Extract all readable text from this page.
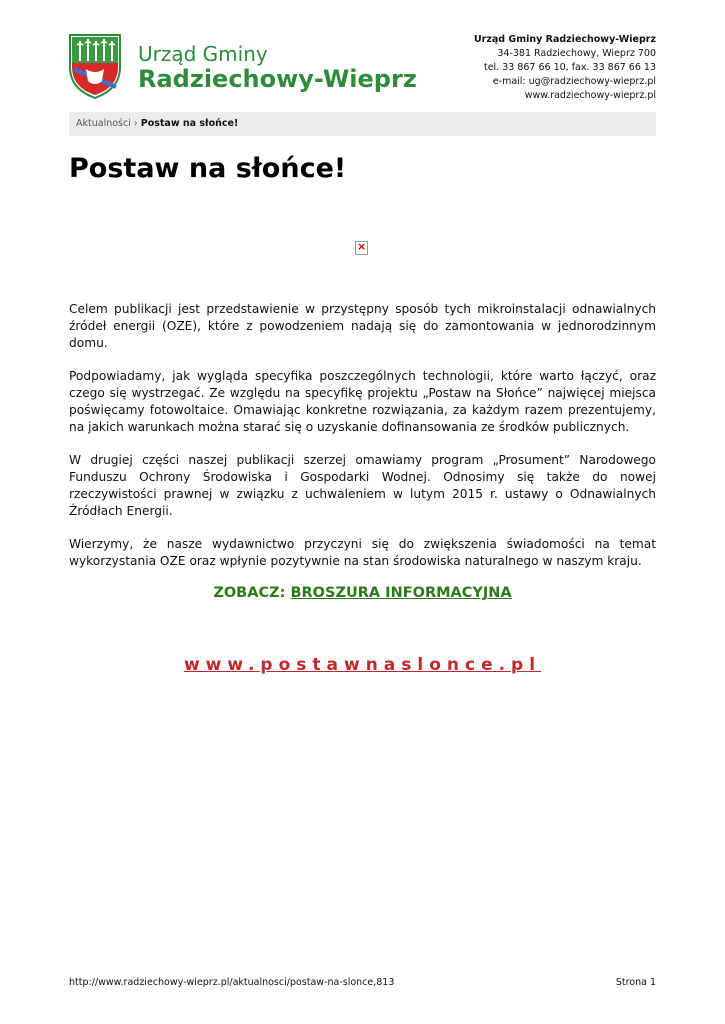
Urząd Gminy
Radziechowy-Wieprz
Urząd Gminy Radziechowy-Wieprz
34-381 Radziechowy, Wieprz 700
tel. 33 867 66 10, fax. 33 867 66 13
e-mail: ug@radziechowy-wieprz.pl
www.radziechowy-wieprz.pl
Aktualności › Postaw na słońce!
Postaw na słońce!
×

Celem publikacji jest przedstawienie w przystępny sposób tych mikroinstalacji odnawialnych źródeł energii (OZE), które z powodzeniem nadają się do zamontowania w jednorodzinnym domu.

Podpowiadamy, jak wygląda specyfika poszczególnych technologii, które warto łączyć, oraz czego się wystrzegać. Ze względu na specyfikę projektu „Postaw na Słońce” najwięcej miejsca poświęcamy fotowoltaice. Omawiając konkretne rozwiązania, za każdym razem prezentujemy, na jakich warunkach można starać się o uzyskanie dofinansowania ze środków publicznych.

W drugiej części naszej publikacji szerzej omawiamy program „Prosument” Narodowego Funduszu Ochrony Środowiska i Gospodarki Wodnej. Odnosimy się także do nowej rzeczywistości prawnej w związku z uchwaleniem w lutym 2015 r. ustawy o Odnawialnych Źródłach Energii.

Wierzymy, że nasze wydawnictwo przyczyni się do zwiększenia świadomości na temat wykorzystania OZE oraz wpłynie pozytywnie na stan środowiska naturalnego w naszym kraju.

ZOBACZ: BROSZURA INFORMACYJNA
www.postawnaslonce.pl
http://www.radziechowy-wieprz.pl/aktualnosci/postaw-na-slonce,813	Strona 1
